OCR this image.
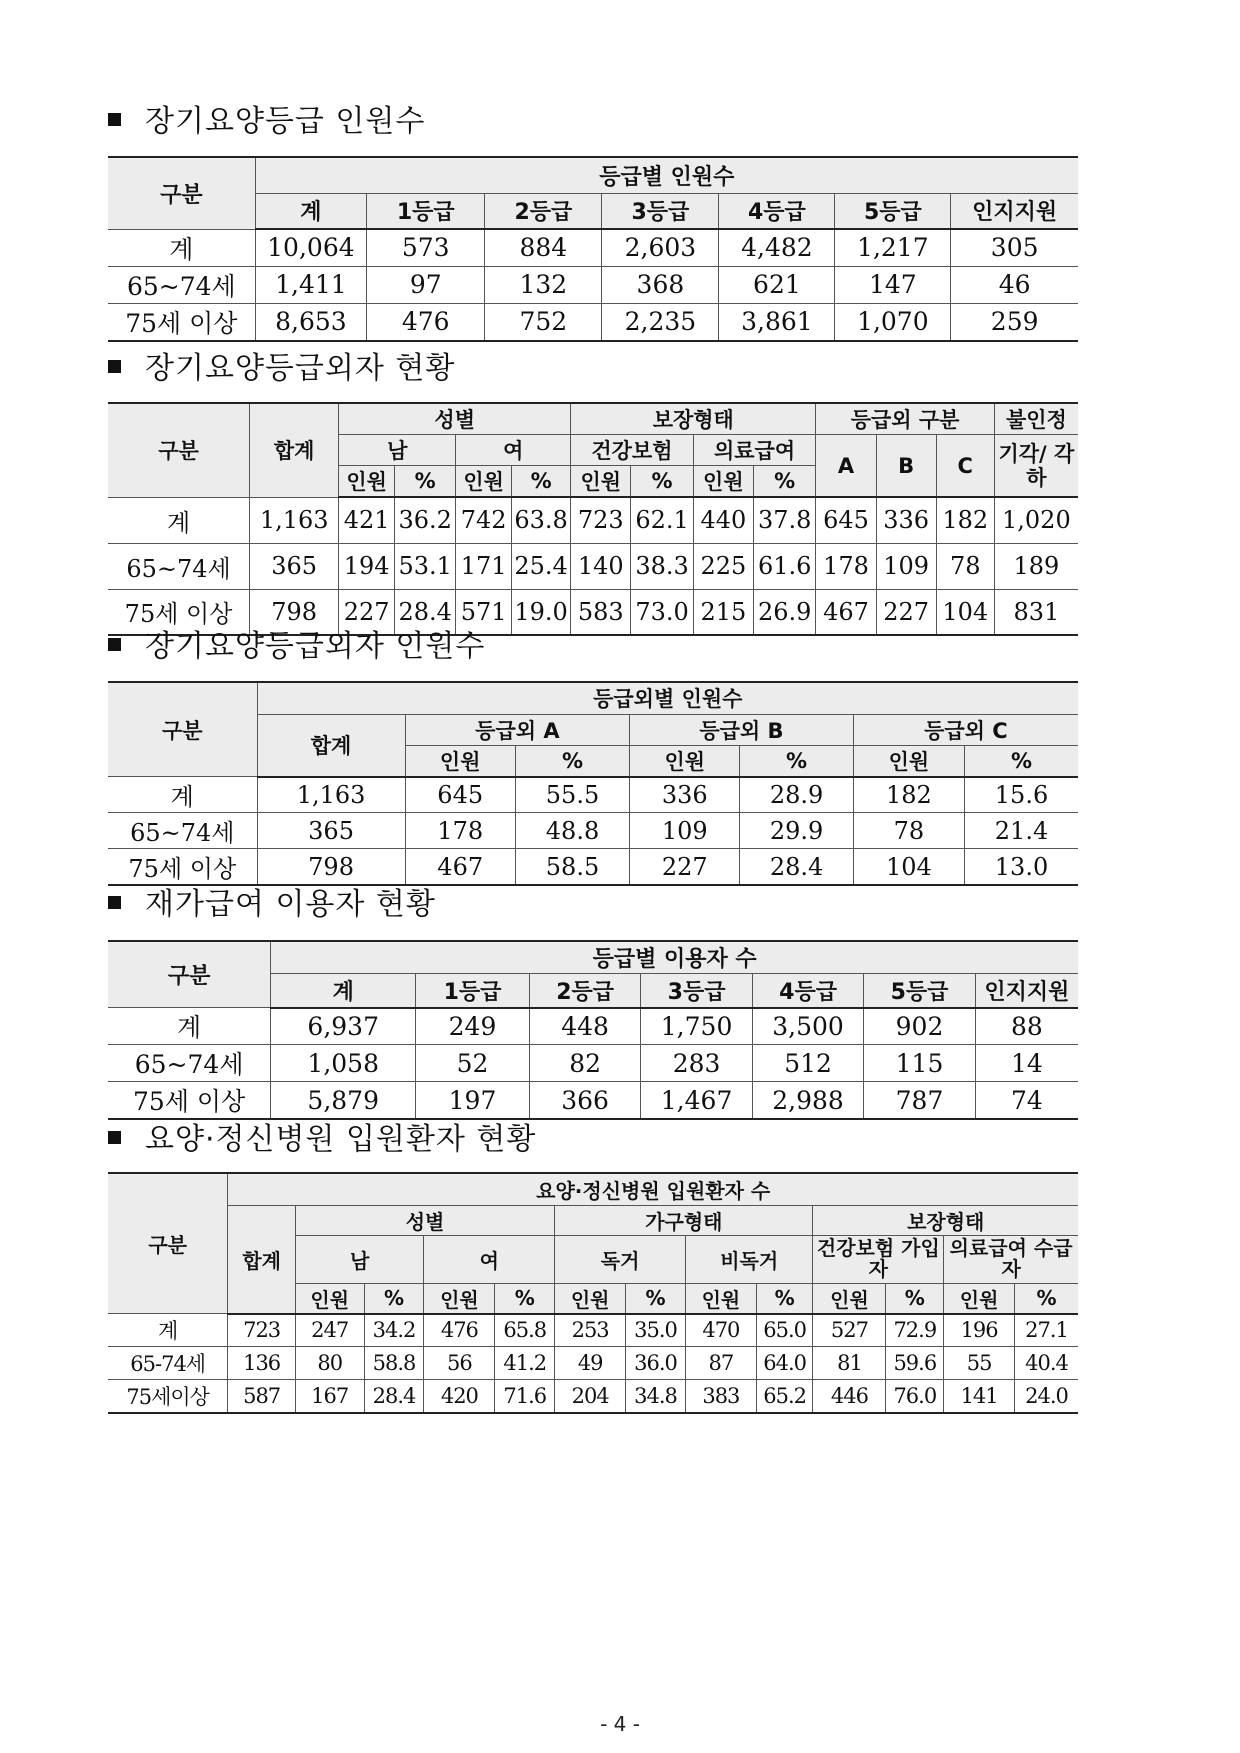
장기요양등급 인원수
구분	등급별 인원수						
	계	1등급	2등급	3등급	4등급	5등급	인지지원
계	10,064	573	884	2,603	4,482	1,217	305
65~74세	1,411	97	132	368	621	147	46
75세 이상	8,653	476	752	2,235	3,861	1,070	259
장기요양등급외자 현황
구분	합계	성별				보장형태				등급외 구분			불인정
		남		여		건강보험		의료급여		A	B	C	기각/ 각하
		인원	%	인원	%	인원	%	인원	%				
계	1,163	421	36.2	742	63.8	723	62.1	440	37.8	645	336	182	1,020
65~74세	365	194	53.1	171	25.4	140	38.3	225	61.6	178	109	78	189
75세 이상	798	227	28.4	571	19.0	583	73.0	215	26.9	467	227	104	831
장기요양등급외자 인원수
구분	등급외별 인원수						
	합계	등급외 A		등급외 B		등급외 C	
		인원	%	인원	%	인원	%
계	1,163	645	55.5	336	28.9	182	15.6
65~74세	365	178	48.8	109	29.9	78	21.4
75세 이상	798	467	58.5	227	28.4	104	13.0
재가급여 이용자 현황
구분	등급별 이용자 수						
	계	1등급	2등급	3등급	4등급	5등급	인지지원
계	6,937	249	448	1,750	3,500	902	88
65~74세	1,058	52	82	283	512	115	14
75세 이상	5,879	197	366	1,467	2,988	787	74
요양·정신병원 입원환자 현황
구분	요양·정신병원 입원환자 수												
	합계	성별				가구형태				보장형태			
		남		여		독거		비독거		건강보험 가입자		의료급여 수급자	
		인원	%	인원	%	인원	%	인원	%	인원	%	인원	%
계	723	247	34.2	476	65.8	253	35.0	470	65.0	527	72.9	196	27.1
65-74세	136	80	58.8	56	41.2	49	36.0	87	64.0	81	59.6	55	40.4
75세이상	587	167	28.4	420	71.6	204	34.8	383	65.2	446	76.0	141	24.0
- 4 -
